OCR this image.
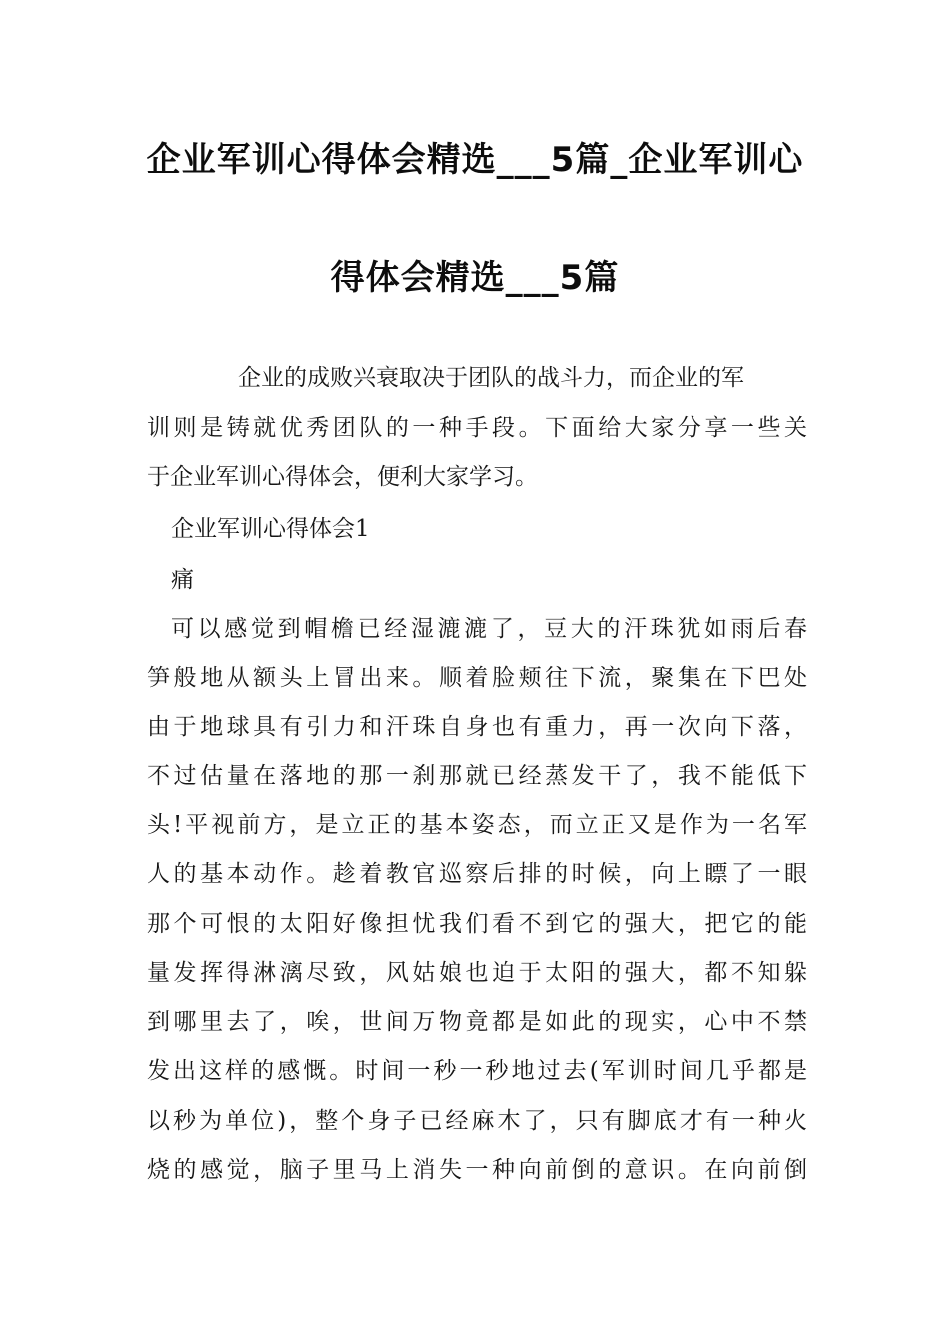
企业军训心得体会精选___5篇_企业军训心
得体会精选___5篇
企业的成败兴衰取决于团队的战斗力，而企业的军
训则是铸就优秀团队的一种手段。下面给大家分享一些关
于企业军训心得体会，便利大家学习。
企业军训心得体会1
痛
可以感觉到帽檐已经湿漉漉了，豆大的汗珠犹如雨后春
笋般地从额头上冒出来。顺着脸颊往下流，聚集在下巴处
由于地球具有引力和汗珠自身也有重力，再一次向下落，
不过估量在落地的那一刹那就已经蒸发干了，我不能低下
头!平视前方，是立正的基本姿态，而立正又是作为一名军
人的基本动作。趁着教官巡察后排的时候，向上瞟了一眼
那个可恨的太阳好像担忧我们看不到它的强大，把它的能
量发挥得淋漓尽致，风姑娘也迫于太阳的强大，都不知躲
到哪里去了，唉，世间万物竟都是如此的现实，心中不禁
发出这样的感慨。时间一秒一秒地过去(军训时间几乎都是
以秒为单位)，整个身子已经麻木了，只有脚底才有一种火
烧的感觉，脑子里马上消失一种向前倒的意识。在向前倒
